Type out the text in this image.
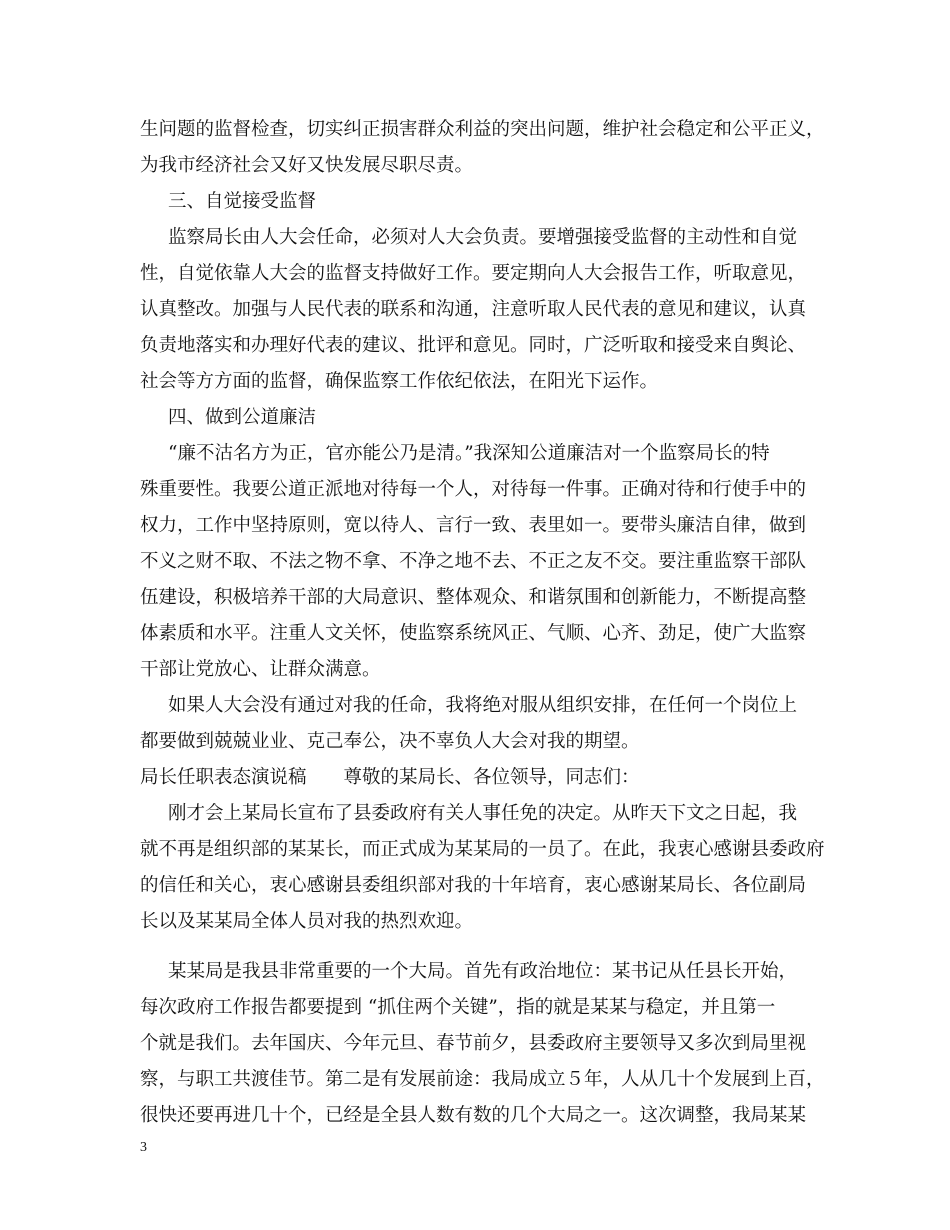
生问题的监督检查，切实纠正损害群众利益的突出问题，维护社会稳定和公平正义，
为我市经济社会又好又快发展尽职尽责。
三、自觉接受监督
监察局长由人大会任命，必须对人大会负责。要增强接受监督的主动性和自觉
性，自觉依靠人大会的监督支持做好工作。要定期向人大会报告工作，听取意见，
认真整改。加强与人民代表的联系和沟通，注意听取人民代表的意见和建议，认真
负责地落实和办理好代表的建议、批评和意见。同时，广泛听取和接受来自舆论、
社会等方方面的监督，确保监察工作依纪依法，在阳光下运作。
四、做到公道廉洁
“廉不沽名方为正，官亦能公乃是清。”我深知公道廉洁对一个监察局长的特
殊重要性。我要公道正派地对待每一个人，对待每一件事。正确对待和行使手中的
权力，工作中坚持原则，宽以待人、言行一致、表里如一。要带头廉洁自律，做到
不义之财不取、不法之物不拿、不净之地不去、不正之友不交。要注重监察干部队
伍建设，积极培养干部的大局意识、整体观众、和谐氛围和创新能力，不断提高整
体素质和水平。注重人文关怀，使监察系统风正、气顺、心齐、劲足，使广大监察
干部让党放心、让群众满意。
如果人大会没有通过对我的任命，我将绝对服从组织安排，在任何一个岗位上
都要做到兢兢业业、克己奉公，决不辜负人大会对我的期望。
局长任职表态演说稿　　尊敬的某局长、各位领导，同志们：
刚才会上某局长宣布了县委政府有关人事任免的决定。从昨天下文之日起，我
就不再是组织部的某某长，而正式成为某某局的一员了。在此，我衷心感谢县委政府
的信任和关心，衷心感谢县委组织部对我的十年培育，衷心感谢某局长、各位副局
长以及某某局全体人员对我的热烈欢迎。
某某局是我县非常重要的一个大局。首先有政治地位：某书记从任县长开始，
每次政府工作报告都要提到 “抓住两个关键”，指的就是某某与稳定，并且第一
个就是我们。去年国庆、今年元旦、春节前夕，县委政府主要领导又多次到局里视
察，与职工共渡佳节。第二是有发展前途：我局成立５年，人从几十个发展到上百，
很快还要再进几十个，已经是全县人数有数的几个大局之一。这次调整，我局某某
3
